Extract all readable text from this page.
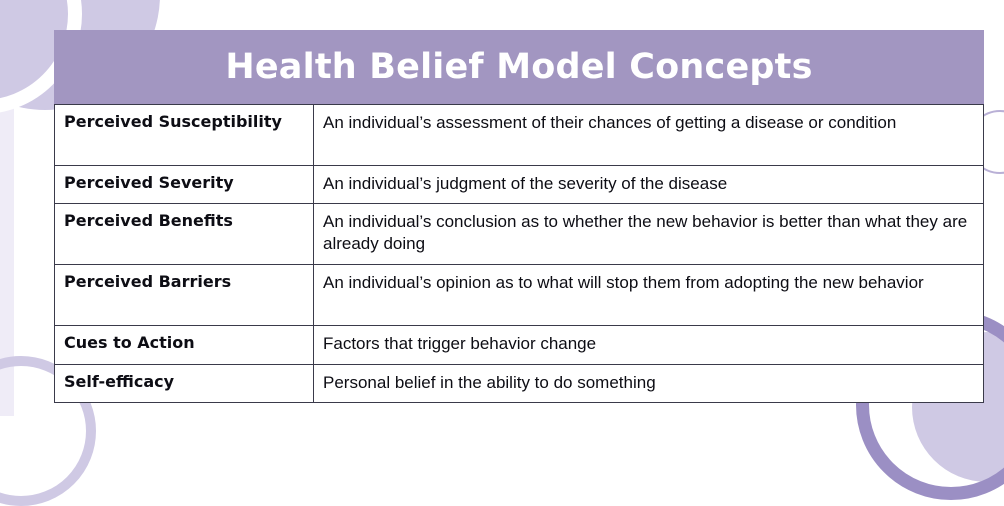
Health Belief Model Concepts
Perceived Susceptibility	An individual’s assessment of their chances of getting a disease or condition
Perceived Severity	An individual’s judgment of the severity of the disease
Perceived Benefits	An individual’s conclusion as to whether the new behavior is better than what they are already doing
Perceived Barriers	An individual’s opinion as to what will stop them from adopting the new behavior
Cues to Action	Factors that trigger behavior change
Self-efficacy	Personal belief in the ability to do something
